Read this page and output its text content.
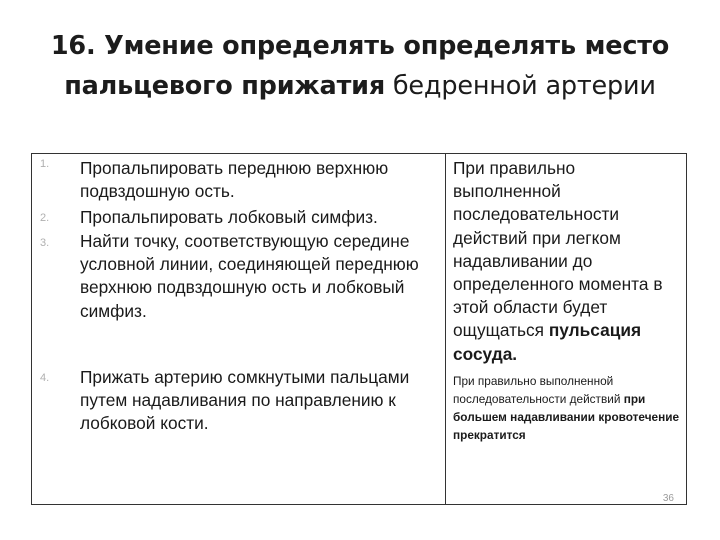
16. Умение определять определять место
пальцевого прижатия бедренной артерии
1. Пропальпировать переднюю верхнюю подвздошную ость.
2. Пропальпировать лобковый симфиз.
3. Найти точку, соответствующую середине условной линии, соединяющей переднюю верхнюю подвздошную ость и лобковый симфиз.
4. Прижать артерию сомкнутыми пальцами путем надавливания по направлению к лобковой кости.
При правильно выполненной последовательности действий при легком надавливании до определенного момента в этой области будет ощущаться пульсация сосуда.
При правильно выполненной последовательности действий при большем надавливании кровотечение прекратится
36
